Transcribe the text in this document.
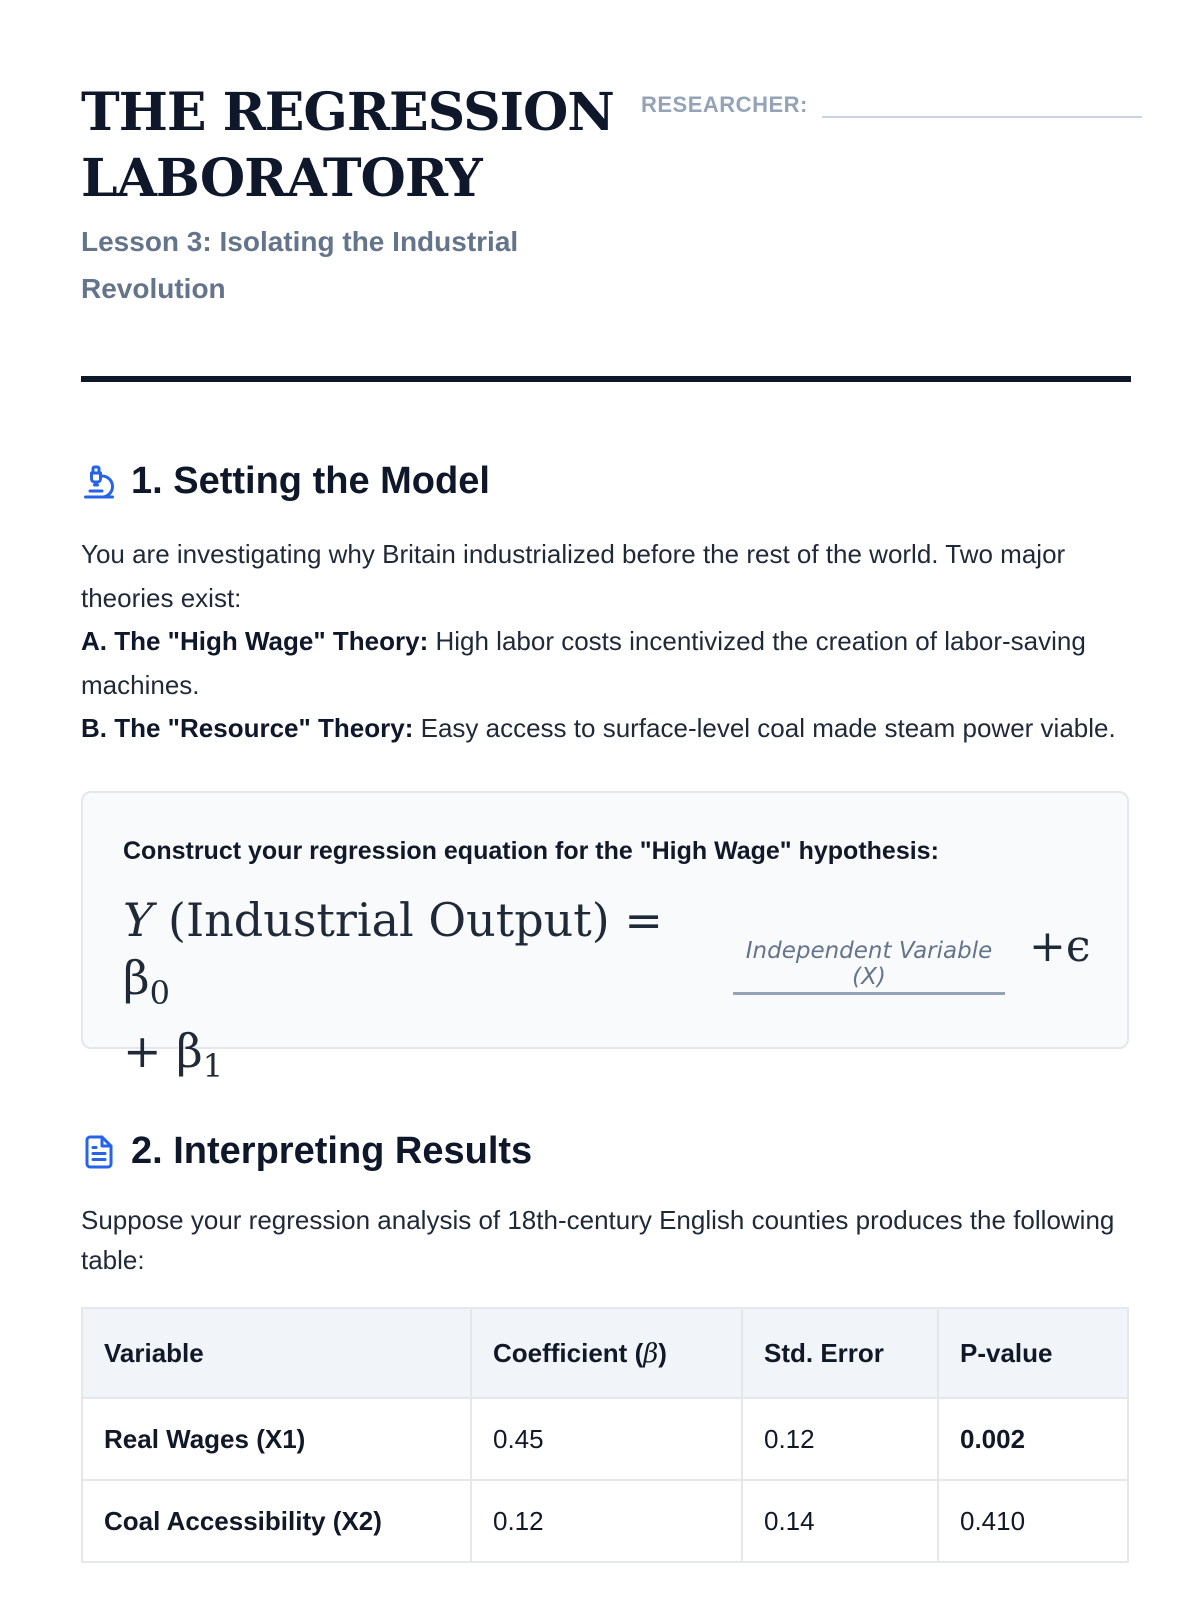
THE REGRESSION
LABORATORY
Lesson 3: Isolating the Industrial Revolution
RESEARCHER:
1. Setting the Model

You are investigating why Britain industrialized before the rest of the world. Two major theories exist:

A. The "High Wage" Theory: High labor costs incentivized the creation of labor-saving machines.

B. The "Resource" Theory: Easy access to surface-level coal made steam power viable.

Construct your regression equation for the "High Wage" hypothesis:
Y (Industrial Output) = $\beta_0$
+ $\beta_1$
Independent Variable (X)
+ϵ
2. Interpreting Results
Suppose your regression analysis of 18th-century English counties produces the following table:
Variable	Coefficient (β)	Std. Error	P-value
Real Wages (X1)	0.45	0.12	0.002
Coal Accessibility (X2)	0.12	0.14	0.410
